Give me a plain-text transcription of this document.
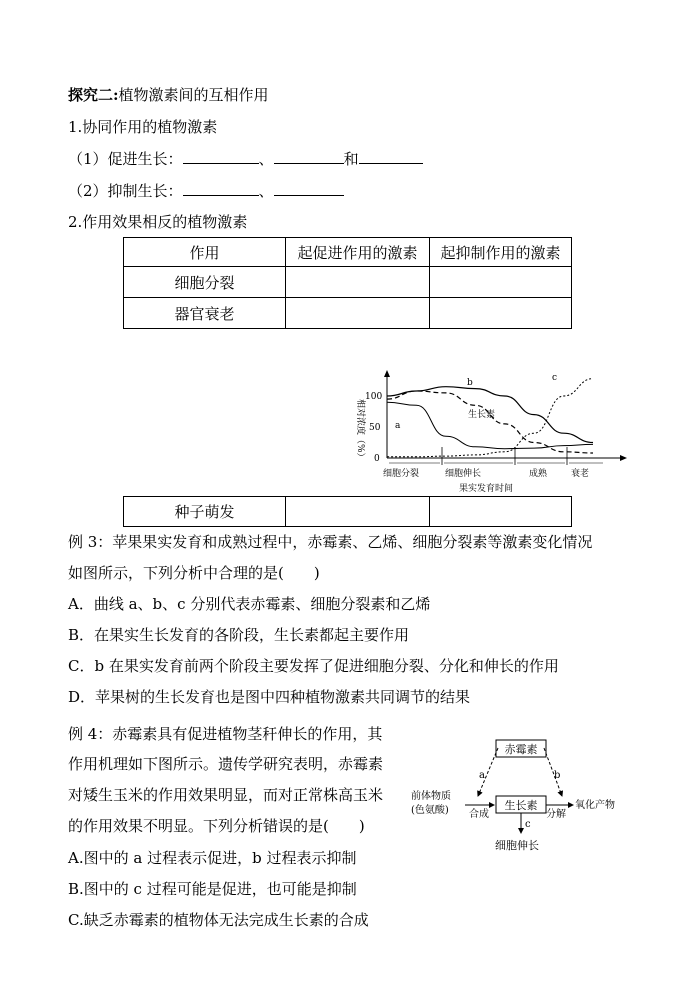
探究二:植物激素间的互相作用
1.协同作用的植物激素
（1）促进生长：	、	和
（2）抑制生长：	、
2.作用效果相反的植物激素
作用	起促进作用的激素	起抑制作用的激素
细胞分裂		
器官衰老		
相对浓度（%）
100
50
0
a
b	c
生长素
细胞分裂	细胞伸长	成熟	衰老
果实发育时间
种子萌发		
例 3：苹果果实发育和成熟过程中，赤霉素、乙烯、细胞分裂素等激素变化情况
如图所示，下列分析中合理的是(　　)
A．曲线 a、b、c 分别代表赤霉素、细胞分裂素和乙烯
B．在果实生长发育的各阶段，生长素都起主要作用
C．b 在果实发育前两个阶段主要发挥了促进细胞分裂、分化和伸长的作用
D．苹果树的生长发育也是图中四种植物激素共同调节的结果
例 4：赤霉素具有促进植物茎秆伸长的作用，其
作用机理如下图所示。遗传学研究表明，赤霉素
对矮生玉米的作用效果明显，而对正常株高玉米
的作用效果不明显。下列分析错误的是(　　)
A.图中的 a 过程表示促进，b 过程表示抑制
B.图中的 c 过程可能是促进，也可能是抑制
C.缺乏赤霉素的植物体无法完成生长素的合成
赤霉素
生长素
前体物质
(色氨酸)	氧化产物
合成	分解
a	b
c
细胞伸长
